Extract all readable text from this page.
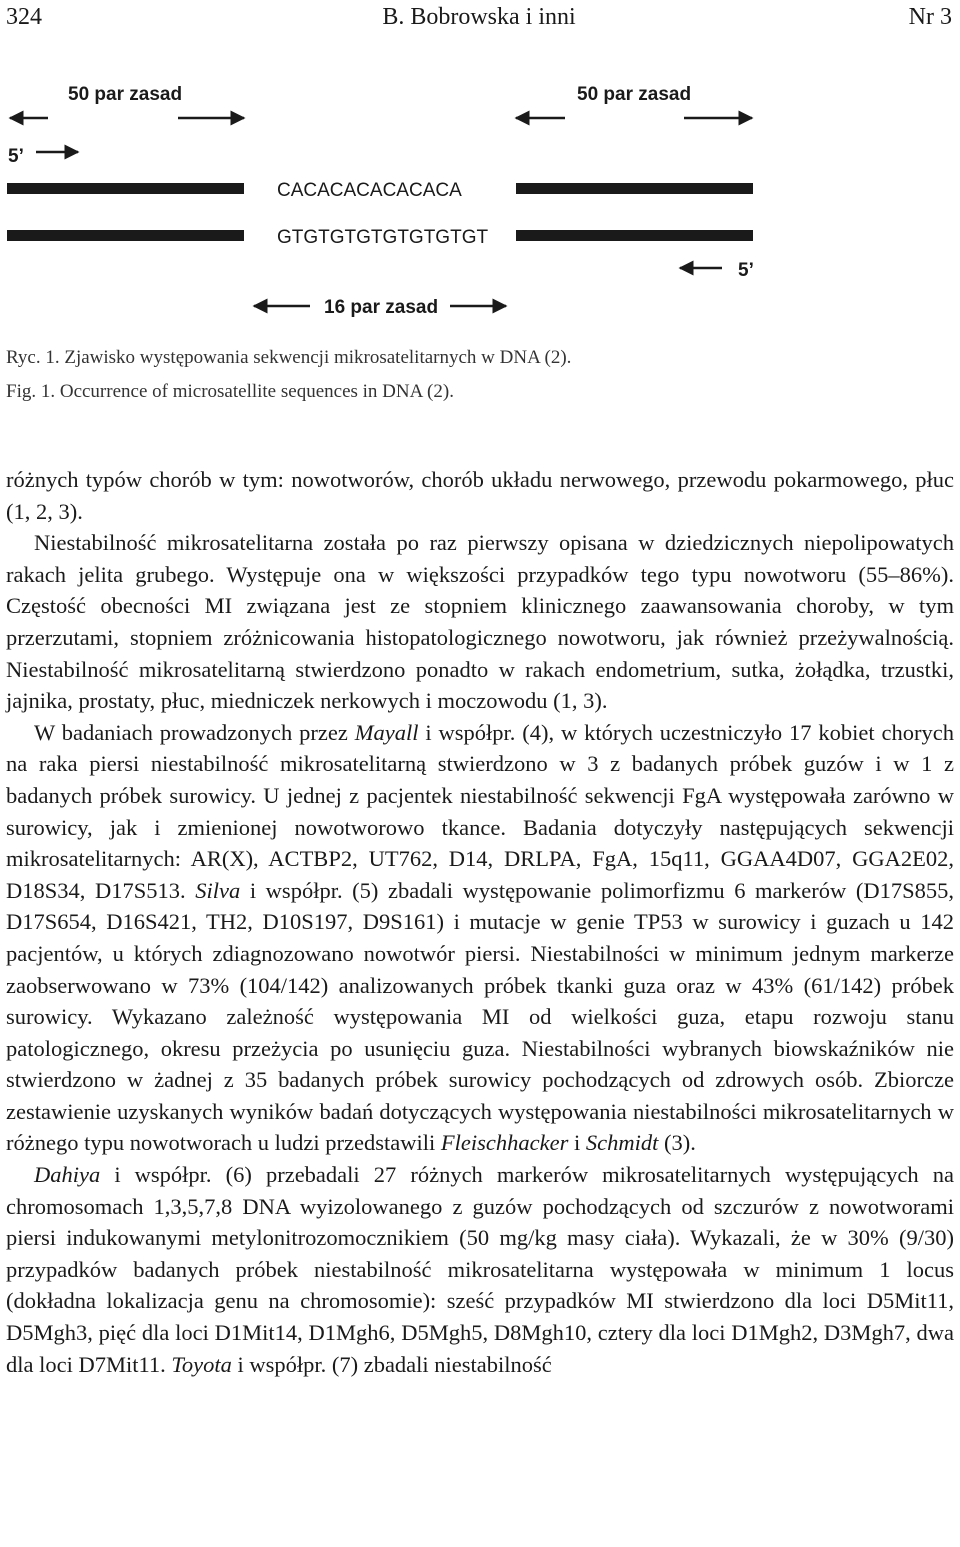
324	B. Bobrowska i inni	Nr 3
50 par zasad	50 par zasad
5’
CACACACACACACA
GTGTGTGTGTGTGTGT
5’
16 par zasad
Ryc. 1. Zjawisko występowania sekwencji mikrosatelitarnych w DNA (2).
Fig. 1. Occurrence of microsatellite sequences in DNA (2).

różnych typów chorób w tym: nowotworów, chorób układu nerwowego, przewodu pokarmowego, płuc (1, 2, 3).

Niestabilność mikrosatelitarna została po raz pierwszy opisana w dziedzicznych niepolipowatych rakach jelita grubego. Występuje ona w większości przypadków tego typu nowotworu (55–86%). Częstość obecności MI związana jest ze stopniem klinicznego zaawansowania choroby, w tym przerzutami, stopniem zróżnicowania histopatologicznego nowotworu, jak również przeżywalnością. Niestabilność mikrosatelitarną stwierdzono ponadto w rakach endometrium, sutka, żołądka, trzustki, jajnika, prostaty, płuc, miedniczek nerkowych i moczowodu (1, 3).

W badaniach prowadzonych przez Mayall i współpr. (4), w których uczestniczyło 17 kobiet chorych na raka piersi niestabilność mikrosatelitarną stwierdzono w 3 z badanych próbek guzów i w 1 z badanych próbek surowicy. U jednej z pacjentek niestabilność sekwencji FgA występowała zarówno w surowicy, jak i zmienionej nowotworowo tkance. Badania dotyczyły następujących sekwencji mikrosatelitarnych: AR(X), ACTBP2, UT762, D14, DRLPA, FgA, 15q11, GGAA4D07, GGA2E02, D18S34, D17S513. Silva i współpr. (5) zbadali występowanie polimorfizmu 6 markerów (D17S855, D17S654, D16S421, TH2, D10S197, D9S161) i mutacje w genie TP53 w surowicy i guzach u 142 pacjentów, u których zdiagnozowano nowotwór piersi. Niestabilności w minimum jednym markerze zaobserwowano w 73% (104/142) analizowanych próbek tkanki guza oraz w 43% (61/142) próbek surowicy. Wykazano zależność występowania MI od wielkości guza, etapu rozwoju stanu patologicznego, okresu przeżycia po usunięciu guza. Niestabilności wybranych biowskaźników nie stwierdzono w żadnej z 35 badanych próbek surowicy pochodzących od zdrowych osób. Zbiorcze zestawienie uzyskanych wyników badań dotyczących występowania niestabilności mikrosatelitarnych w różnego typu nowotworach u ludzi przedstawili Fleischhacker i Schmidt (3).

Dahiya i współpr. (6) przebadali 27 różnych markerów mikrosatelitarnych występujących na chromosomach 1,3,5,7,8 DNA wyizolowanego z guzów pochodzących od szczurów z nowotworami piersi indukowanymi metylonitrozomocznikiem (50 mg/kg masy ciała). Wykazali, że w 30% (9/30) przypadków badanych próbek niestabilność mikrosatelitarna występowała w minimum 1 locus (dokładna lokalizacja genu na chromosomie): sześć przypadków MI stwierdzono dla loci D5Mit11, D5Mgh3, pięć dla loci D1Mit14, D1Mgh6, D5Mgh5, D8Mgh10, cztery dla loci D1Mgh2, D3Mgh7, dwa dla loci D7Mit11. Toyota i współpr. (7) zbadali niestabilność
